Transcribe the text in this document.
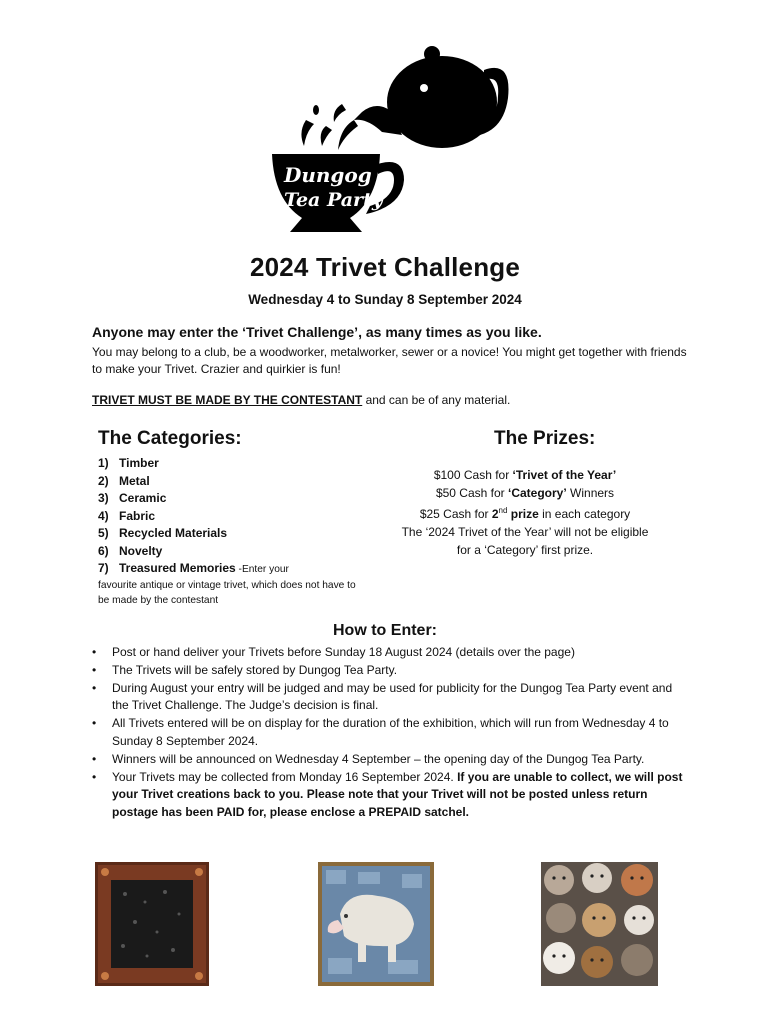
Dungog
Tea Party
2024 Trivet Challenge
Wednesday 4 to Sunday 8 September 2024
Anyone may enter the ‘Trivet Challenge’, as many times as you like.
You may belong to a club, be a woodworker, metalworker, sewer or a novice! You might get together with friends to make your Trivet. Crazier and quirkier is fun!
TRIVET MUST BE MADE BY THE CONTESTANT and can be of any material.
The Categories:
1) Timber
2) Metal
3) Ceramic
4) Fabric
5) Recycled Materials
6) Novelty
7) Treasured Memories -Enter your
favourite antique or vintage trivet, which does not have to be made by the contestant
The Prizes:
$100 Cash for ‘Trivet of the Year’
$50 Cash for ‘Category’ Winners
$25 Cash for 2nd prize in each category
The ‘2024 Trivet of the Year’ will not be eligible
for a ‘Category’ first prize.
How to Enter:
• Post or hand deliver your Trivets before Sunday 18 August 2024 (details over the page)
• The Trivets will be safely stored by Dungog Tea Party.
• During August your entry will be judged and may be used for publicity for the Dungog Tea Party event and the Trivet Challenge. The Judge’s decision is final.
• All Trivets entered will be on display for the duration of the exhibition, which will run from Wednesday 4 to Sunday 8 September 2024.
• Winners will be announced on Wednesday 4 September – the opening day of the Dungog Tea Party.
• Your Trivets may be collected from Monday 16 September 2024. If you are unable to collect, we will post your Trivet creations back to you. Please note that your Trivet will not be posted unless return postage has been PAID for, please enclose a PREPAID satchel.
